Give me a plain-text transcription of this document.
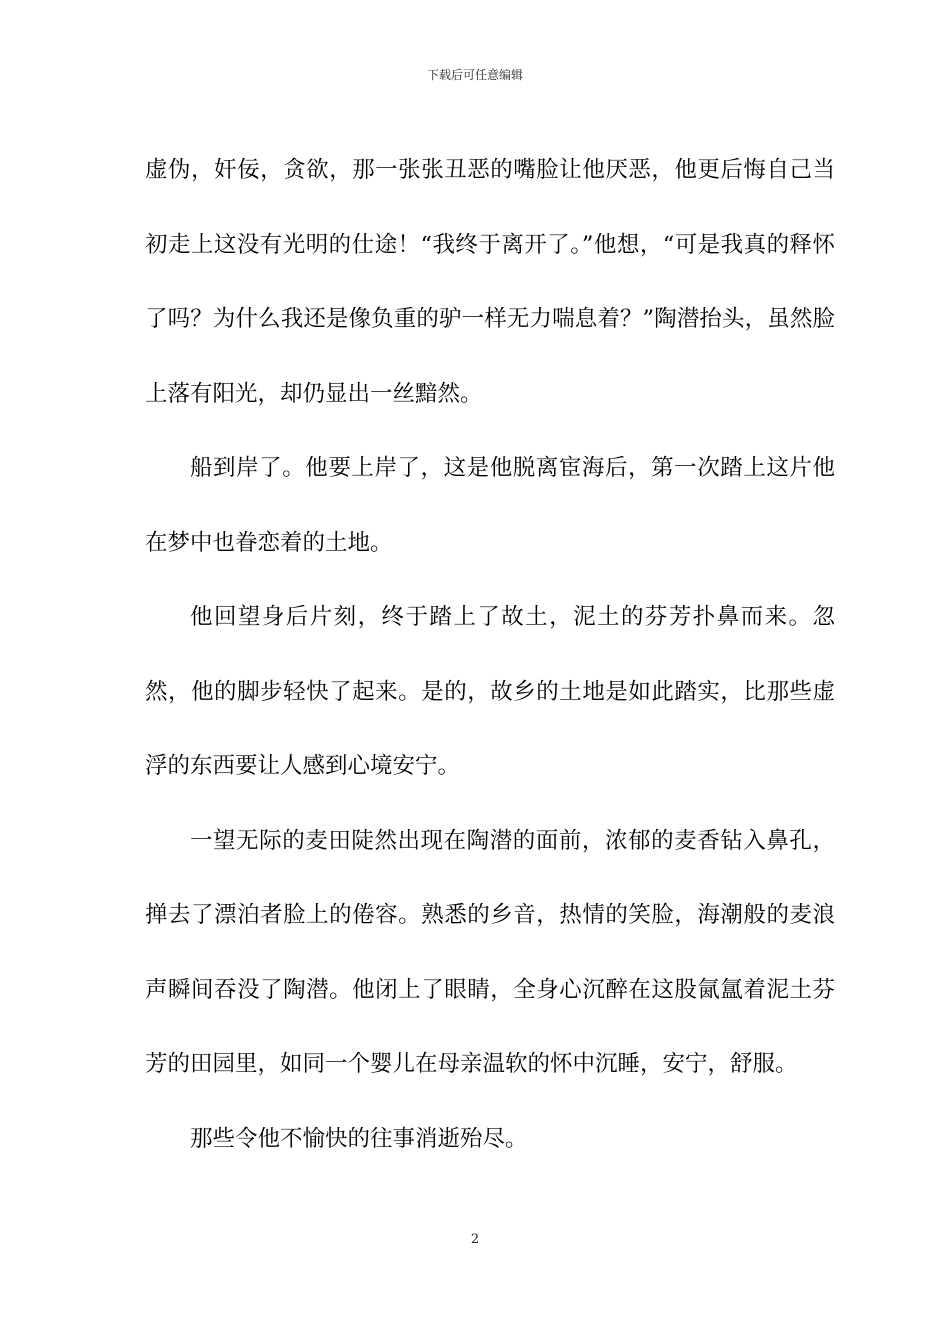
下载后可任意编辑

虚伪，奸佞，贪欲，那一张张丑恶的嘴脸让他厌恶，他更后悔自己当初走上这没有光明的仕途！“我终于离开了。”他想，“可是我真的释怀了吗？为什么我还是像负重的驴一样无力喘息着？”陶潜抬头，虽然脸上落有阳光，却仍显出一丝黯然。

船到岸了。他要上岸了，这是他脱离宦海后，第一次踏上这片他在梦中也眷恋着的土地。

他回望身后片刻，终于踏上了故土，泥土的芬芳扑鼻而来。忽然，他的脚步轻快了起来。是的，故乡的土地是如此踏实，比那些虚浮的东西要让人感到心境安宁。

一望无际的麦田陡然出现在陶潜的面前，浓郁的麦香钻入鼻孔，掸去了漂泊者脸上的倦容。熟悉的乡音，热情的笑脸，海潮般的麦浪声瞬间吞没了陶潜。他闭上了眼睛，全身心沉醉在这股氤氲着泥土芬芳的田园里，如同一个婴儿在母亲温软的怀中沉睡，安宁，舒服。

那些令他不愉快的往事消逝殆尽。

2
